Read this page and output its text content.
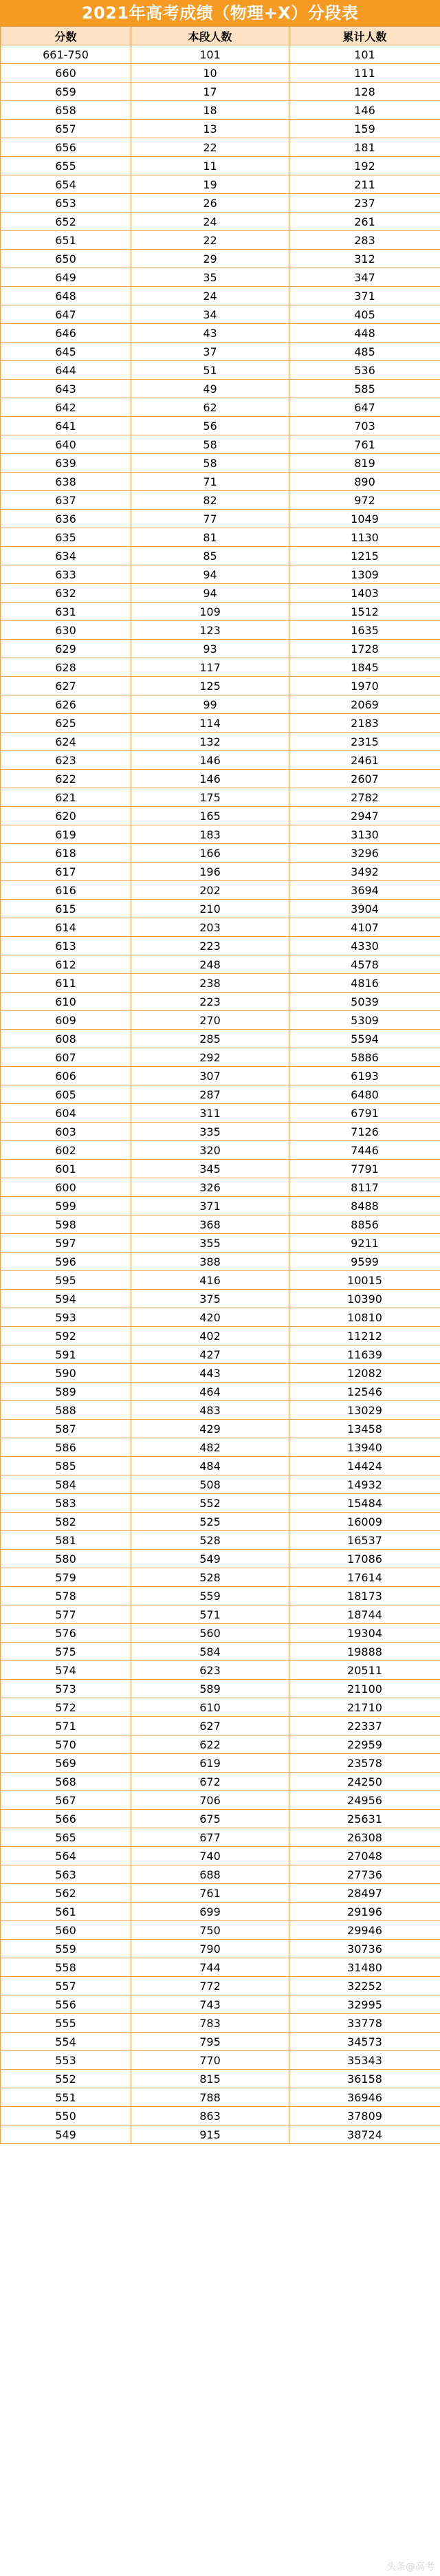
2021年高考成绩（物理+X）分段表
分数	本段人数	累计人数
661-750	101	101
660	10	111
659	17	128
658	18	146
657	13	159
656	22	181
655	11	192
654	19	211
653	26	237
652	24	261
651	22	283
650	29	312
649	35	347
648	24	371
647	34	405
646	43	448
645	37	485
644	51	536
643	49	585
642	62	647
641	56	703
640	58	761
639	58	819
638	71	890
637	82	972
636	77	1049
635	81	1130
634	85	1215
633	94	1309
632	94	1403
631	109	1512
630	123	1635
629	93	1728
628	117	1845
627	125	1970
626	99	2069
625	114	2183
624	132	2315
623	146	2461
622	146	2607
621	175	2782
620	165	2947
619	183	3130
618	166	3296
617	196	3492
616	202	3694
615	210	3904
614	203	4107
613	223	4330
612	248	4578
611	238	4816
610	223	5039
609	270	5309
608	285	5594
607	292	5886
606	307	6193
605	287	6480
604	311	6791
603	335	7126
602	320	7446
601	345	7791
600	326	8117
599	371	8488
598	368	8856
597	355	9211
596	388	9599
595	416	10015
594	375	10390
593	420	10810
592	402	11212
591	427	11639
590	443	12082
589	464	12546
588	483	13029
587	429	13458
586	482	13940
585	484	14424
584	508	14932
583	552	15484
582	525	16009
581	528	16537
580	549	17086
579	528	17614
578	559	18173
577	571	18744
576	560	19304
575	584	19888
574	623	20511
573	589	21100
572	610	21710
571	627	22337
570	622	22959
569	619	23578
568	672	24250
567	706	24956
566	675	25631
565	677	26308
564	740	27048
563	688	27736
562	761	28497
561	699	29196
560	750	29946
559	790	30736
558	744	31480
557	772	32252
556	743	32995
555	783	33778
554	795	34573
553	770	35343
552	815	36158
551	788	36946
550	863	37809
549	915	38724
头条@高考
